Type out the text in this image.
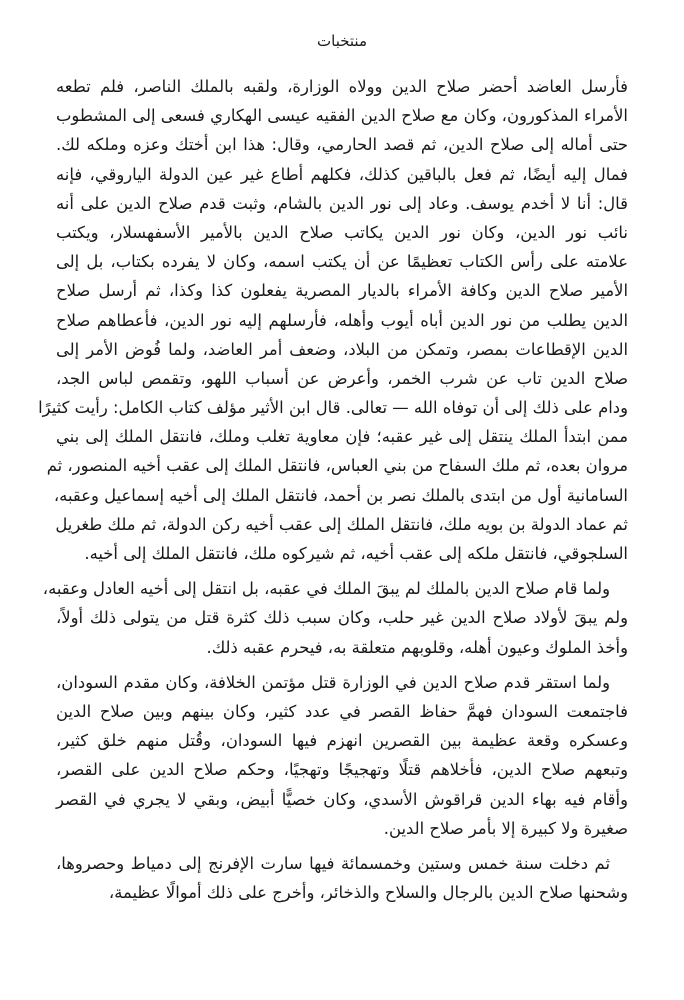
منتخبات
فأرسل العاضد أحضر صلاح الدين وولاه الوزارة، ولقبه بالملك الناصر، فلم تطعه
الأمراء المذكورون، وكان مع صلاح الدين الفقيه عيسى الهكاري فسعى إلى المشطوب
حتى أماله إلى صلاح الدين، ثم قصد الحارمي، وقال: هذا ابن أختك وعزه وملكه لك.
فمال إليه أيضًا، ثم فعل بالباقين كذلك، فكلهم أطاع غير عين الدولة الياروقي، فإنه
قال: أنا لا أخدم يوسف. وعاد إلى نور الدين بالشام، وثبت قدم صلاح الدين على أنه
نائب نور الدين، وكان نور الدين يكاتب صلاح الدين بالأمير الأسفهسلار، ويكتب
علامته على رأس الكتاب تعظيمًا عن أن يكتب اسمه، وكان لا يفرده بكتاب، بل إلى
الأمير صلاح الدين وكافة الأمراء بالديار المصرية يفعلون كذا وكذا، ثم أرسل صلاح
الدين يطلب من نور الدين أباه أيوب وأهله، فأرسلهم إليه نور الدين، فأعطاهم صلاح
الدين الإقطاعات بمصر، وتمكن من البلاد، وضعف أمر العاضد، ولما فُوض الأمر إلى
صلاح الدين تاب عن شرب الخمر، وأعرض عن أسباب اللهو، وتقمص لباس الجد،
ودام على ذلك إلى أن توفاه الله — تعالى. قال ابن الأثير مؤلف كتاب الكامل: رأيت كثيرًا
ممن ابتدأ الملك ينتقل إلى غير عقبه؛ فإن معاوية تغلب وملك، فانتقل الملك إلى بني
مروان بعده، ثم ملك السفاح من بني العباس، فانتقل الملك إلى عقب أخيه المنصور، ثم
السامانية أول من ابتدى بالملك نصر بن أحمد، فانتقل الملك إلى أخيه إسماعيل وعقبه،
ثم عماد الدولة بن بويه ملك، فانتقل الملك إلى عقب أخيه ركن الدولة، ثم ملك طغريل
السلجوقي، فانتقل ملكه إلى عقب أخيه، ثم شيركوه ملك، فانتقل الملك إلى أخيه.
ولما قام صلاح الدين بالملك لم يبقَ الملك في عقبه، بل انتقل إلى أخيه العادل وعقبه،
ولم يبقَ لأولاد صلاح الدين غير حلب، وكان سبب ذلك كثرة قتل من يتولى ذلك أولاً،
وأخذ الملوك وعيون أهله، وقلوبهم متعلقة به، فيحرم عقبه ذلك.
ولما استقر قدم صلاح الدين في الوزارة قتل مؤتمن الخلافة، وكان مقدم السودان،
فاجتمعت السودان فهمَّ حفاظ القصر في عدد كثير، وكان بينهم وبين صلاح الدين
وعسكره وقعة عظيمة بين القصرين انهزم فيها السودان، وقُتل منهم خلق كثير،
وتبعهم صلاح الدين، فأخلاهم قتلًا وتهجيجًا وتهجيًا، وحكم صلاح الدين على القصر،
وأقام فيه بهاء الدين قراقوش الأسدي، وكان خصيًّا أبيض، وبقي لا يجري في القصر
صغيرة ولا كبيرة إلا بأمر صلاح الدين.
ثم دخلت سنة خمس وستين وخمسمائة فيها سارت الإفرنج إلى دمياط وحصروها،
وشحنها صلاح الدين بالرجال والسلاح والذخائر، وأخرج على ذلك أموالًا عظيمة،
